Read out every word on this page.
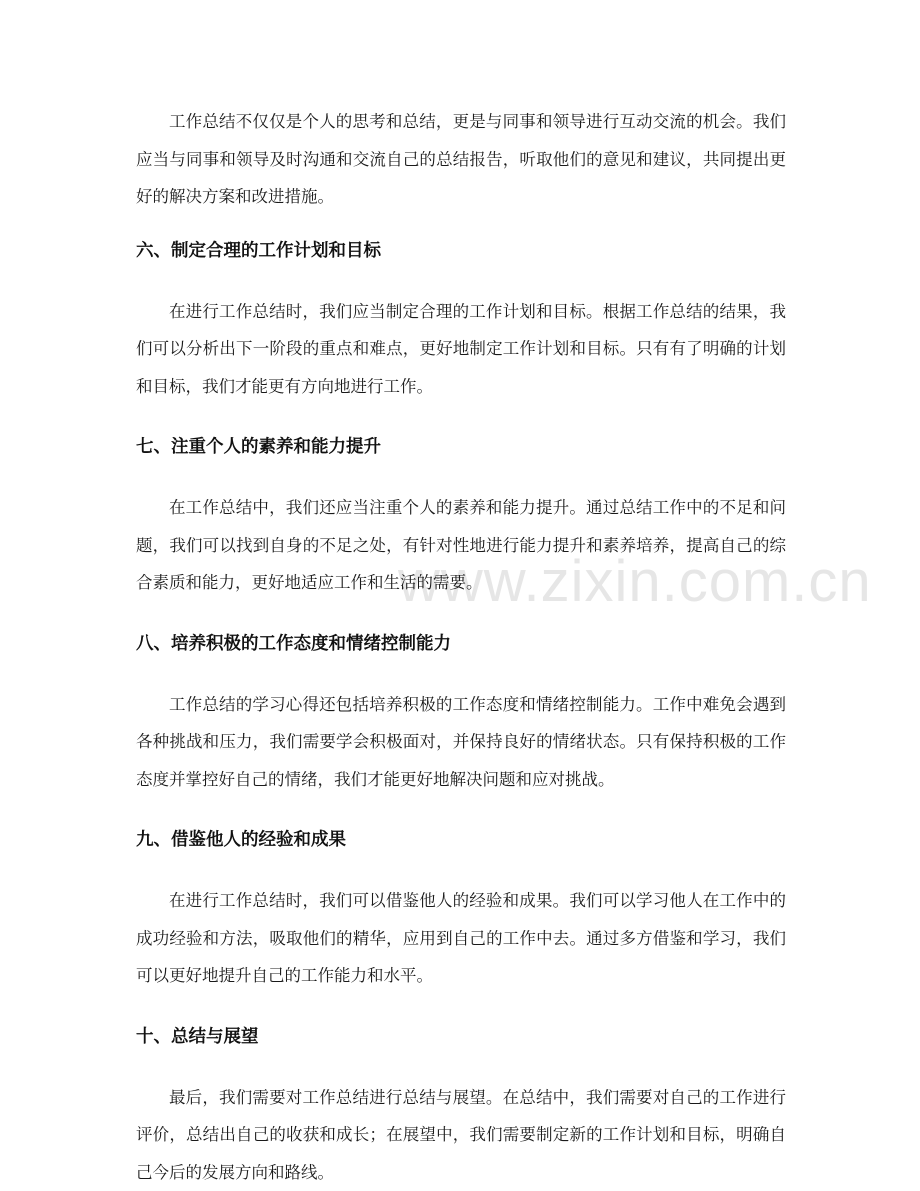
www.zixin.com.cn

工作总结不仅仅是个人的思考和总结，更是与同事和领导进行互动交流的机会。我们应当与同事和领导及时沟通和交流自己的总结报告，听取他们的意见和建议，共同提出更好的解决方案和改进措施。

六、制定合理的工作计划和目标

在进行工作总结时，我们应当制定合理的工作计划和目标。根据工作总结的结果，我们可以分析出下一阶段的重点和难点，更好地制定工作计划和目标。只有有了明确的计划和目标，我们才能更有方向地进行工作。

七、注重个人的素养和能力提升

在工作总结中，我们还应当注重个人的素养和能力提升。通过总结工作中的不足和问题，我们可以找到自身的不足之处，有针对性地进行能力提升和素养培养，提高自己的综合素质和能力，更好地适应工作和生活的需要。

八、培养积极的工作态度和情绪控制能力

工作总结的学习心得还包括培养积极的工作态度和情绪控制能力。工作中难免会遇到各种挑战和压力，我们需要学会积极面对，并保持良好的情绪状态。只有保持积极的工作态度并掌控好自己的情绪，我们才能更好地解决问题和应对挑战。

九、借鉴他人的经验和成果

在进行工作总结时，我们可以借鉴他人的经验和成果。我们可以学习他人在工作中的成功经验和方法，吸取他们的精华，应用到自己的工作中去。通过多方借鉴和学习，我们可以更好地提升自己的工作能力和水平。

十、总结与展望

最后，我们需要对工作总结进行总结与展望。在总结中，我们需要对自己的工作进行评价，总结出自己的收获和成长；在展望中，我们需要制定新的工作计划和目标，明确自己今后的发展方向和路线。
